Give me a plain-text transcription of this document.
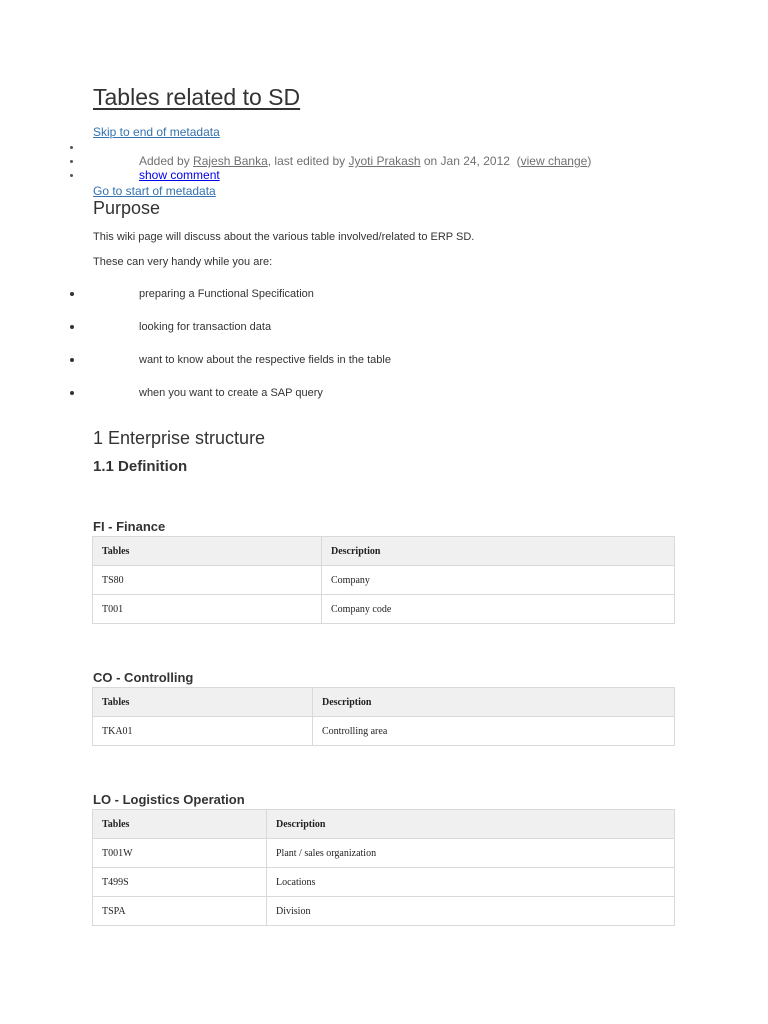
Tables related to SD
Skip to end of metadata
Added by Rajesh Banka, last edited by Jyoti Prakash on Jan 24, 2012  (view change)
show comment
Go to start of metadata
Purpose
This wiki page will discuss about the various table involved/related to ERP SD.
These can very handy while you are:
preparing a Functional Specification
looking for transaction data
want to know about the respective fields in the table
when you want to create a SAP query
1 Enterprise structure
1.1 Definition
FI - Finance
Tables	Description
TS80	Company
T001	Company code
CO - Controlling
Tables	Description
TKA01	Controlling area
LO - Logistics Operation
Tables	Description
T001W	Plant / sales organization
T499S	Locations
TSPA	Division
